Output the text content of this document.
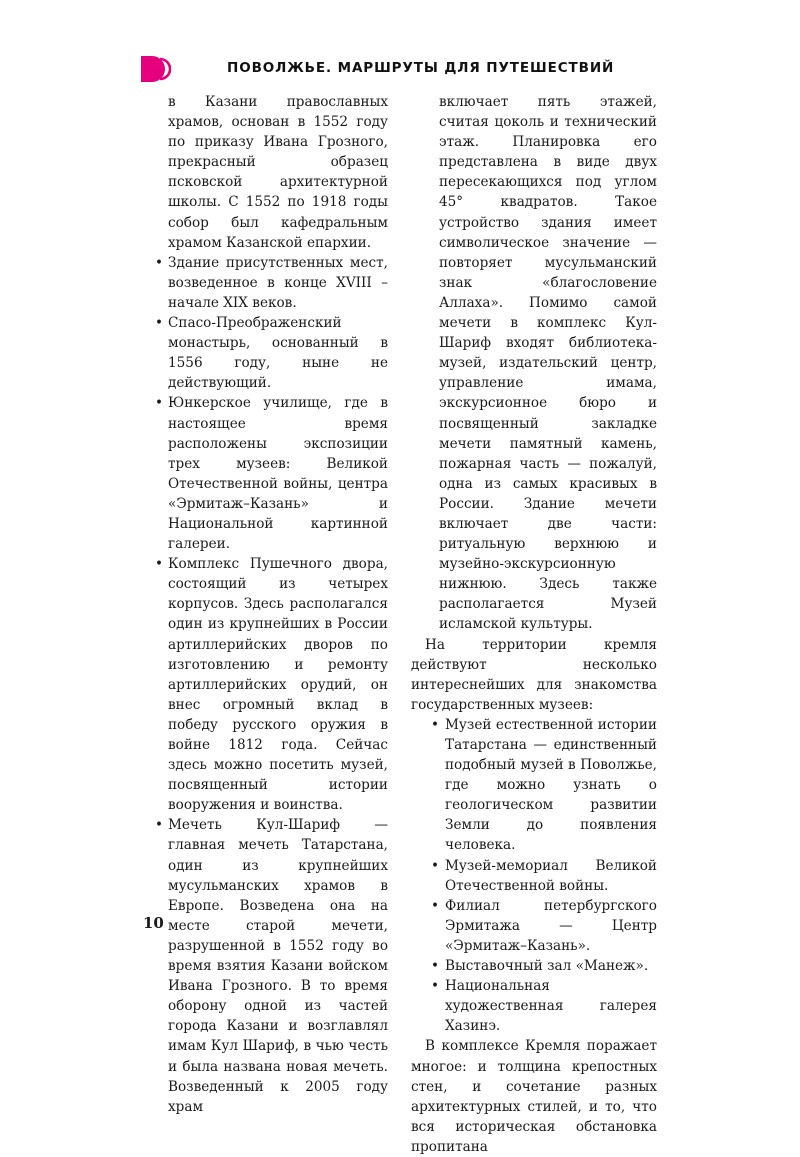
ПОВОЛЖЬЕ. МАРШРУТЫ ДЛЯ ПУТЕШЕСТВИЙ

в Казани православных храмов, основан в 1552 году по приказу Ивана Грозного, прекрасный образец псковской архитектурной школы. С 1552 по 1918 годы собор был кафедральным храмом Казанской епархии.

• Здание присутственных мест, возведенное в конце XVIII – начале XIX веков.
• Спасо-Преображенский монастырь, основанный в 1556 году, ныне не действующий.
• Юнкерское училище, где в настоящее время расположены экспозиции трех музеев: Великой Отечественной войны, центра «Эрмитаж–Казань» и Национальной картинной галереи.
• Комплекс Пушечного двора, состоящий из четырех корпусов. Здесь располагался один из крупнейших в России артиллерийских дворов по изготовлению и ремонту артиллерийских орудий, он внес огромный вклад в победу русского оружия в войне 1812 года. Сейчас здесь можно посетить музей, посвященный истории вооружения и воинства.
• Мечеть Кул-Шариф — главная мечеть Татарстана, один из крупнейших мусульманских храмов в Европе. Возведена она на месте старой мечети, разрушенной в 1552 году во время взятия Казани войском Ивана Грозного. В то время оборону одной из частей города Казани и возглавлял имам Кул Шариф, в чью честь и была названа новая мечеть. Возведенный к 2005 году храм

включает пять этажей, считая цоколь и технический этаж. Планировка его представлена в виде двух пересекающихся под углом 45° квадратов. Такое устройство здания имеет символическое значение — повторяет мусульманский знак «благословение Аллаха». Помимо самой мечети в комплекс Кул-Шариф входят библиотека-музей, издательский центр, управление имама, экскурсионное бюро и посвященный закладке мечети памятный камень, пожарная часть — пожалуй, одна из самых красивых в России. Здание мечети включает две части: ритуальную верхнюю и музейно-экскурсионную нижнюю. Здесь также располагается Музей исламской культуры.

На территории кремля действуют несколько интереснейших для знакомства государственных музеев:

• Музей естественной истории Татарстана — единственный подобный музей в Поволжье, где можно узнать о геологическом развитии Земли до появления человека.
• Музей-мемориал Великой Отечественной войны.
• Филиал петербургского Эрмитажа — Центр «Эрмитаж–Казань».
• Выставочный зал «Манеж».
• Национальная художественная галерея Хазинэ.

В комплексе Кремля поражает многое: и толщина крепостных стен, и сочетание разных архитектурных стилей, и то, что вся историческая обстановка пропитана

10
